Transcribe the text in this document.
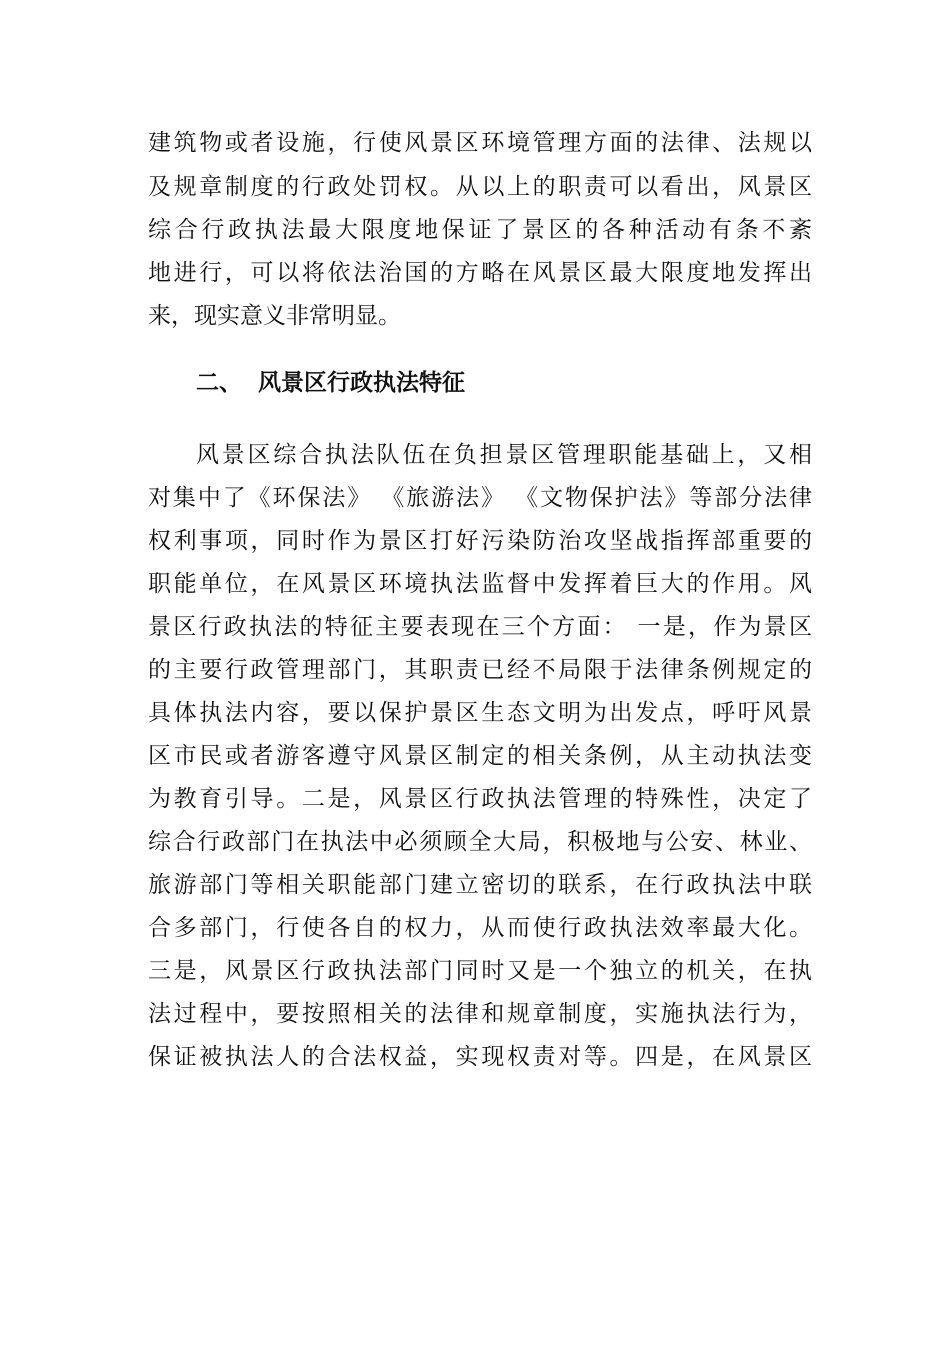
建筑物或者设施，行使风景区环境管理方面的法律、法规以
及规章制度的行政处罚权。从以上的职责可以看出，风景区
综合行政执法最大限度地保证了景区的各种活动有条不紊
地进行，可以将依法治国的方略在风景区最大限度地发挥出
来，现实意义非常明显。
二、  风景区行政执法特征
风景区综合执法队伍在负担景区管理职能基础上，又相
对集中了《环保法》 《旅游法》 《文物保护法》等部分法律
权利事项，同时作为景区打好污染防治攻坚战指挥部重要的
职能单位，在风景区环境执法监督中发挥着巨大的作用。风
景区行政执法的特征主要表现在三个方面： 一是，作为景区
的主要行政管理部门，其职责已经不局限于法律条例规定的
具体执法内容，要以保护景区生态文明为出发点，呼吁风景
区市民或者游客遵守风景区制定的相关条例，从主动执法变
为教育引导。二是，风景区行政执法管理的特殊性，决定了
综合行政部门在执法中必须顾全大局，积极地与公安、林业、
旅游部门等相关职能部门建立密切的联系，在行政执法中联
合多部门，行使各自的权力，从而使行政执法效率最大化。
三是，风景区行政执法部门同时又是一个独立的机关，在执
法过程中，要按照相关的法律和规章制度，实施执法行为，
保证被执法人的合法权益，实现权责对等。四是，在风景区
